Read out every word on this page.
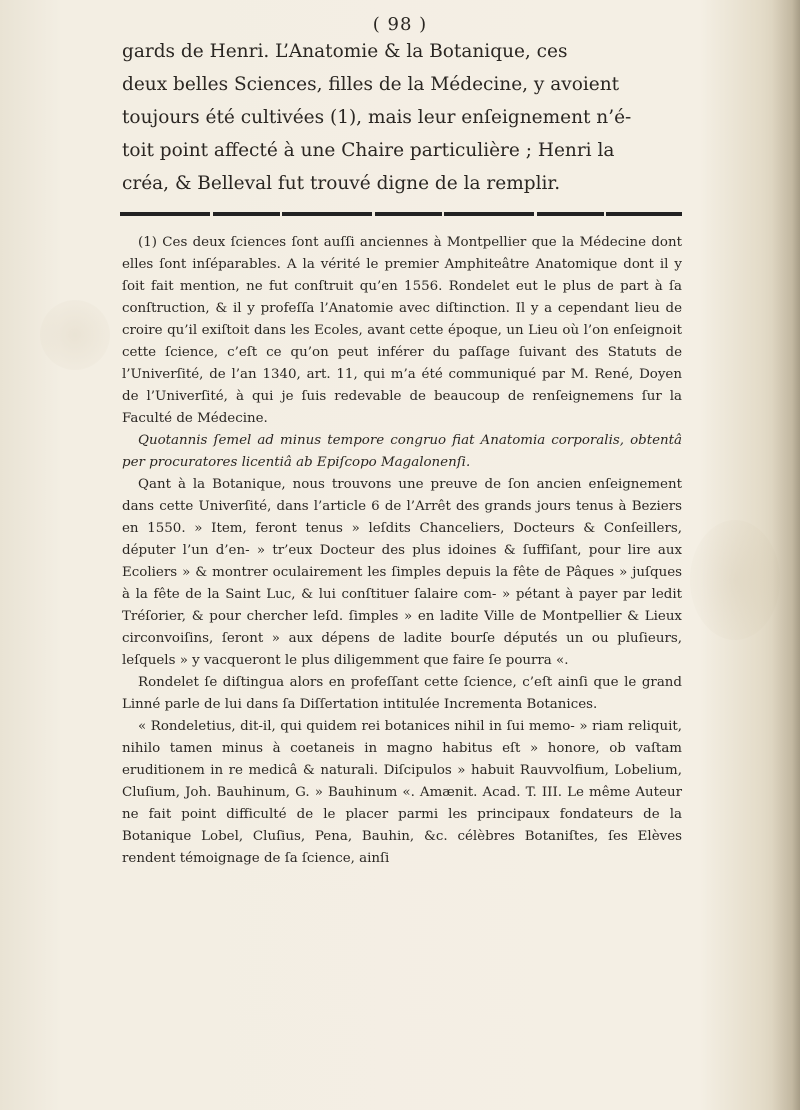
( 98 )

gards de Henri. L’Anatomie & la Botanique, ces

deux belles Sciences, filles de la Médecine, y avoient

toujours été cultivées (1), mais leur enſeignement n’é-

toit point affecté à une Chaire particulière ; Henri la

créa, & Belleval fut trouvé digne de la remplir.

(1) Ces deux ſciences ſont auſſi anciennes à Montpellier que la Médecine dont elles ſont inſéparables. A la vérité le premier Amphiteâtre Anatomique dont il y ſoit fait mention, ne fut conſtruit qu’en 1556. Rondelet eut le plus de part à ſa conſtruction, & il y profeſſa l’Anatomie avec diſtinction. Il y a cependant lieu de croire qu’il exiſtoit dans les Ecoles, avant cette époque, un Lieu où l’on enſeignoit cette ſcience, c’eſt ce qu’on peut inférer du paſſage ſuivant des Statuts de l’Univerſité, de l’an 1340, art. 11, qui m’a été communiqué par M. René, Doyen de l’Univerſité, à qui je ſuis redevable de beaucoup de renſeignemens ſur la Faculté de Médecine.

Quotannis ſemel ad minus tempore congruo fiat Anatomia corporalis, obtentâ per procuratores licentiâ ab Epiſcopo Magalonenſi.

Qant à la Botanique, nous trouvons une preuve de ſon ancien enſeignement dans cette Univerſité, dans l’article 6 de l’Arrêt des grands jours tenus à Beziers en 1550. » Item, feront tenus » leſdits Chanceliers, Docteurs & Conſeillers, députer l’un d’en- » tr’eux Docteur des plus idoines & ſuffiſant, pour lire aux Ecoliers » & montrer oculairement les ſimples depuis la fête de Pâques » juſques à la fête de la Saint Luc, & lui conſtituer ſalaire com- » pétant à payer par ledit Tréſorier, & pour chercher leſd. ſimples » en ladite Ville de Montpellier & Lieux circonvoiſins, ſeront » aux dépens de ladite bourſe députés un ou pluſieurs, leſquels » y vacqueront le plus diligemment que faire ſe pourra «.

Rondelet ſe diſtingua alors en profeſſant cette ſcience, c’eſt ainſi que le grand Linné parle de lui dans ſa Diſſertation intitulée Incrementa Botanices.

« Rondeletius, dit-il, qui quidem rei botanices nihil in ſui memo- » riam reliquit, nihilo tamen minus à coetaneis in magno habitus eſt » honore, ob vaſtam eruditionem in re medicâ & naturali. Diſcipulos » habuit Rauvvolfium, Lobelium, Cluſium, Joh. Bauhinum, G. » Bauhinum «. Amænit. Acad. T. III. Le même Auteur ne fait point difficulté de le placer parmi les principaux fondateurs de la Botanique Lobel, Cluſius, Pena, Bauhin, &c. célèbres Botaniſtes, ſes Elèves rendent témoignage de ſa ſcience, ainſi
